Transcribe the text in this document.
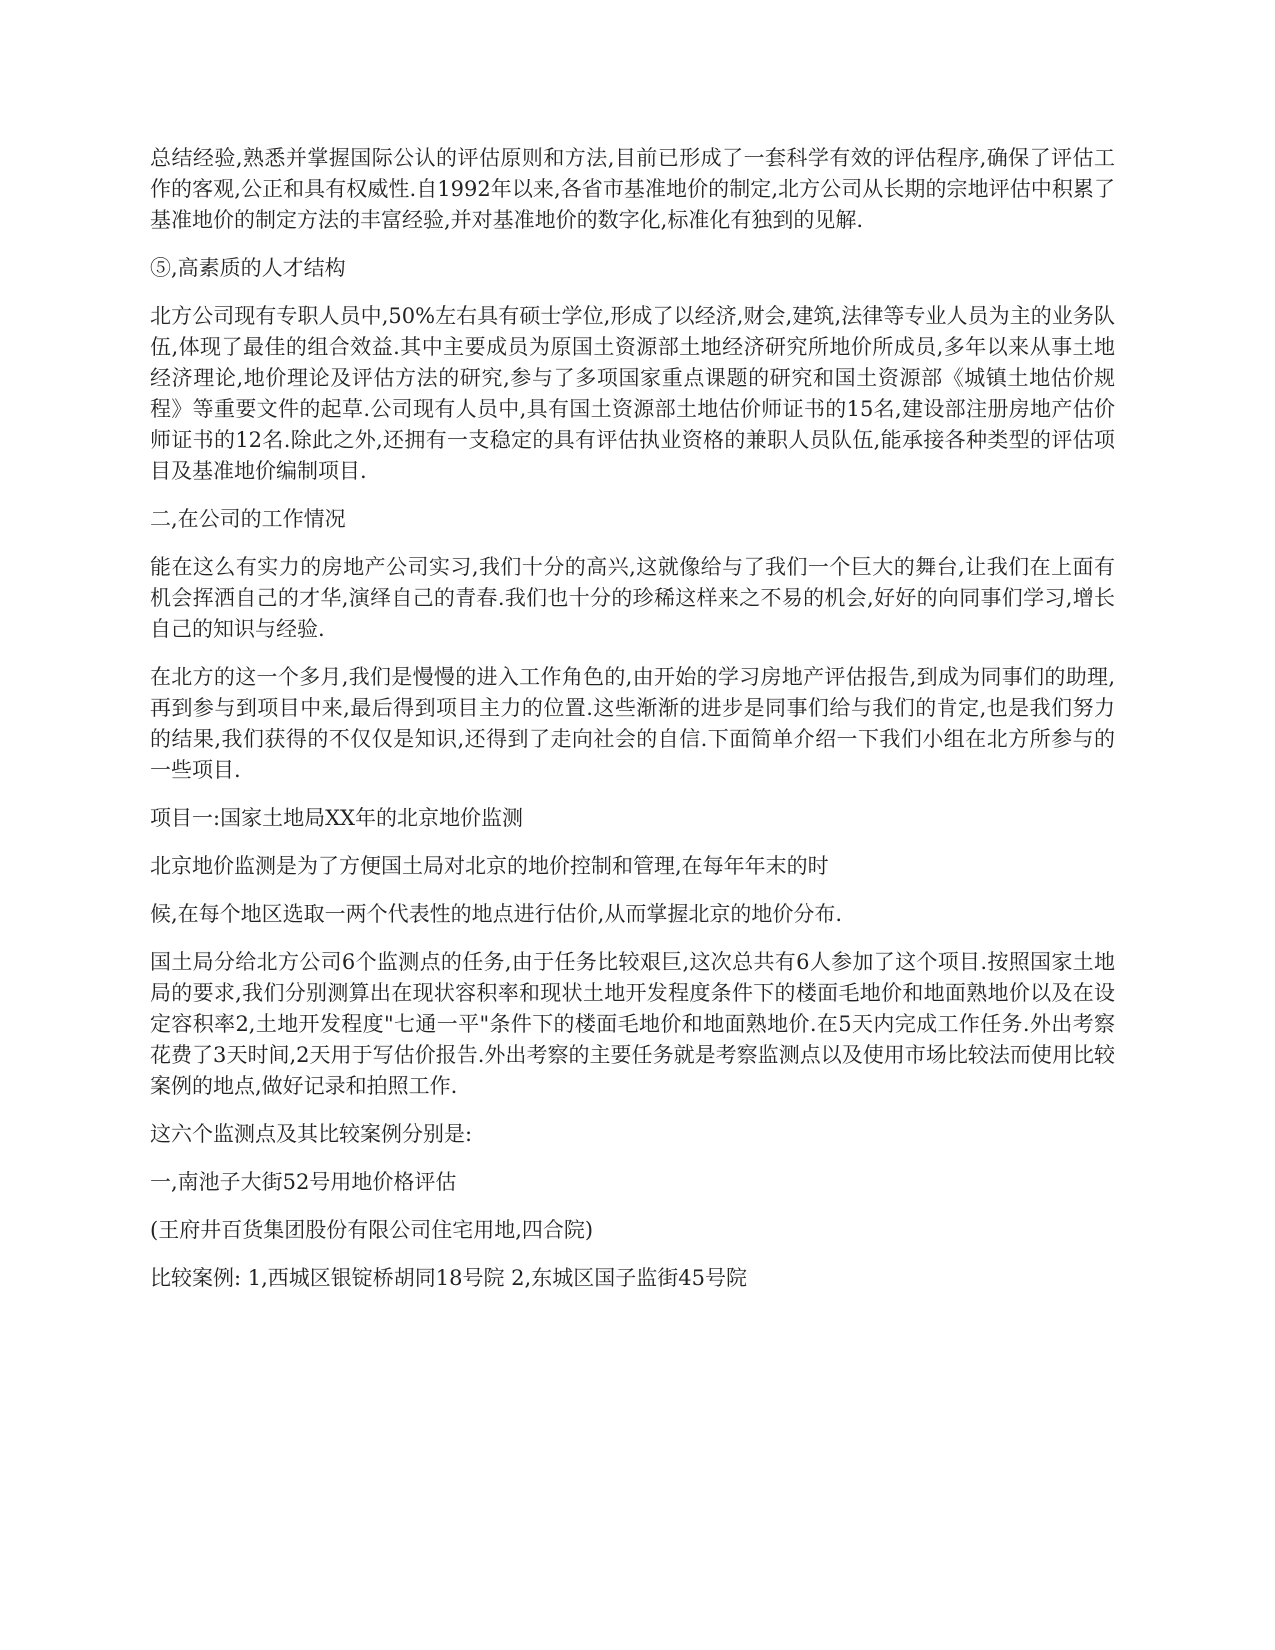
总结经验,熟悉并掌握国际公认的评估原则和方法,目前已形成了一套科学有效的评估程序,确保了评估工作的客观,公正和具有权威性.自1992年以来,各省市基准地价的制定,北方公司从长期的宗地评估中积累了基准地价的制定方法的丰富经验,并对基准地价的数字化,标准化有独到的见解.

⑤,高素质的人才结构

北方公司现有专职人员中,50%左右具有硕士学位,形成了以经济,财会,建筑,法律等专业人员为主的业务队伍,体现了最佳的组合效益.其中主要成员为原国土资源部土地经济研究所地价所成员,多年以来从事土地经济理论,地价理论及评估方法的研究,参与了多项国家重点课题的研究和国土资源部《城镇土地估价规程》等重要文件的起草.公司现有人员中,具有国土资源部土地估价师证书的15名,建设部注册房地产估价师证书的12名.除此之外,还拥有一支稳定的具有评估执业资格的兼职人员队伍,能承接各种类型的评估项目及基准地价编制项目.

二,在公司的工作情况

能在这么有实力的房地产公司实习,我们十分的高兴,这就像给与了我们一个巨大的舞台,让我们在上面有机会挥洒自己的才华,演绎自己的青春.我们也十分的珍稀这样来之不易的机会,好好的向同事们学习,增长自己的知识与经验.

在北方的这一个多月,我们是慢慢的进入工作角色的,由开始的学习房地产评估报告,到成为同事们的助理,再到参与到项目中来,最后得到项目主力的位置.这些渐渐的进步是同事们给与我们的肯定,也是我们努力的结果,我们获得的不仅仅是知识,还得到了走向社会的自信.下面简单介绍一下我们小组在北方所参与的 一些项目.

项目一:国家土地局XX年的北京地价监测

北京地价监测是为了方便国土局对北京的地价控制和管理,在每年年末的时

候,在每个地区选取一两个代表性的地点进行估价,从而掌握北京的地价分布.

国土局分给北方公司6个监测点的任务,由于任务比较艰巨,这次总共有6人参加了这个项目.按照国家土地局的要求,我们分别测算出在现状容积率和现状土地开发程度条件下的楼面毛地价和地面熟地价以及在设定容积率2,土地开发程度"七通一平"条件下的楼面毛地价和地面熟地价.在5天内完成工作任务.外出考察花费了3天时间,2天用于写估价报告.外出考察的主要任务就是考察监测点以及使用市场比较法而使用比较案例的地点,做好记录和拍照工作.

这六个监测点及其比较案例分别是:

一,南池子大街52号用地价格评估

(王府井百货集团股份有限公司住宅用地,四合院)

比较案例: 1,西城区银锭桥胡同18号院 2,东城区国子监街45号院
